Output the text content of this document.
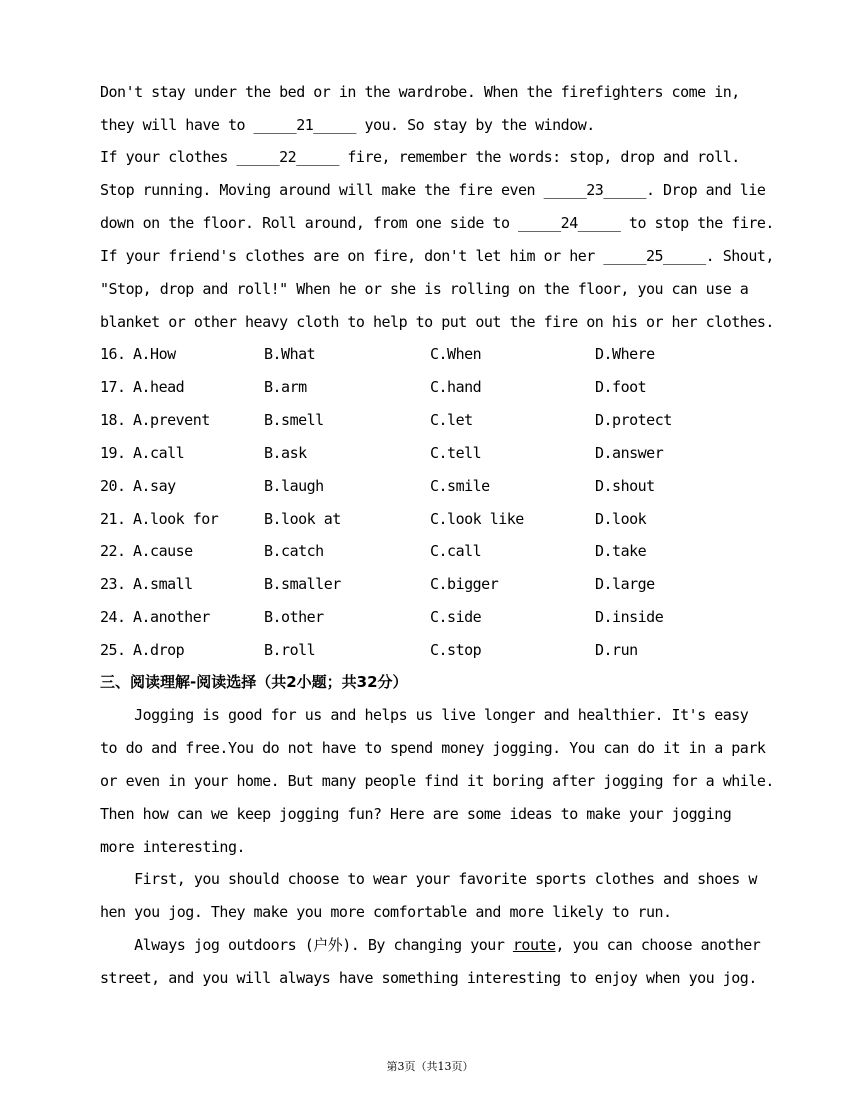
Don't stay under the bed or in the wardrobe. When the firefighters come in,
they will have to _____21_____ you. So stay by the window.
If your clothes _____22_____ fire, remember the words: stop, drop and roll.
Stop running. Moving around will make the fire even _____23_____. Drop and lie
down on the floor. Roll around, from one side to _____24_____ to stop the fire.
If your friend's clothes are on fire, don't let him or her _____25_____. Shout,
"Stop, drop and roll!" When he or she is rolling on the floor, you can use a
blanket or other heavy cloth to help to put out the fire on his or her clothes.
16. A.How	B.What	C.When	D.Where
17. A.head	B.arm	C.hand	D.foot
18. A.prevent	B.smell	C.let	D.protect
19. A.call	B.ask	C.tell	D.answer
20. A.say	B.laugh	C.smile	D.shout
21. A.look for	B.look at	C.look like	D.look
22. A.cause	B.catch	C.call	D.take
23. A.small	B.smaller	C.bigger	D.large
24. A.another	B.other	C.side	D.inside
25. A.drop	B.roll	C.stop	D.run
三、阅读理解-阅读选择（共2小题；共32分）
Jogging is good for us and helps us live longer and healthier. It's easy
to do and free.You do not have to spend money jogging. You can do it in a park
or even in your home. But many people find it boring after jogging for a while.
Then how can we keep jogging fun? Here are some ideas to make your jogging
more interesting.
First, you should choose to wear your favorite sports clothes and shoes w
hen you jog. They make you more comfortable and more likely to run.
Always jog outdoors (户外). By changing your route, you can choose another
street, and you will always have something interesting to enjoy when you jog.
第3页（共13页）
